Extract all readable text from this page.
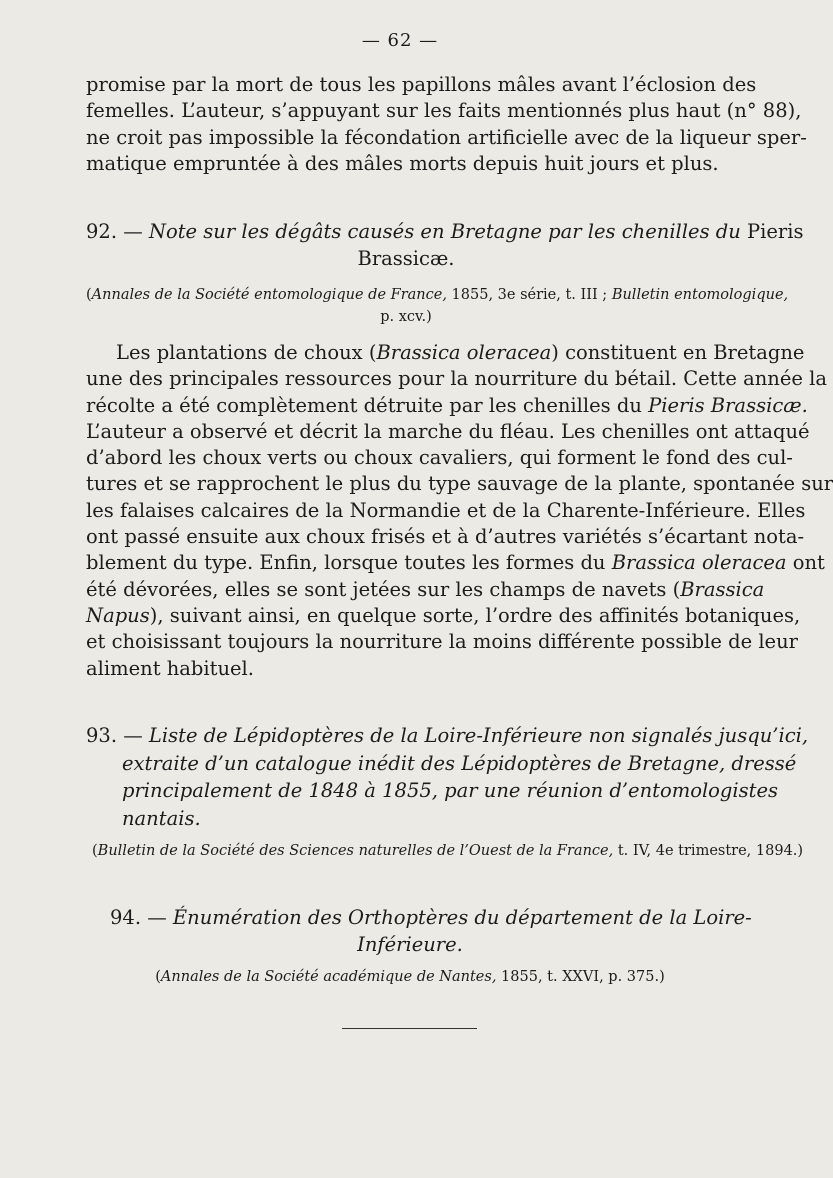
— 62 —

promise par la mort de tous les papillons mâles avant l’éclosion des
femelles. L’auteur, s’appuyant sur les faits mentionnés plus haut (n° 88),
ne croit pas impossible la fécondation artificielle avec de la liqueur sper-
matique empruntée à des mâles morts depuis huit jours et plus.

92. — Note sur les dégâts causés en Bretagne par les chenilles du Pieris
Brassicæ.
(Annales de la Société entomologique de France, 1855, 3e série, t. III ; Bulletin entomologique,
p. xcv.)

Les plantations de choux (Brassica oleracea) constituent en Bretagne
une des principales ressources pour la nourriture du bétail. Cette année la
récolte a été complètement détruite par les chenilles du Pieris Brassicæ.
L’auteur a observé et décrit la marche du fléau. Les chenilles ont attaqué
d’abord les choux verts ou choux cavaliers, qui forment le fond des cul-
tures et se rapprochent le plus du type sauvage de la plante, spontanée sur
les falaises calcaires de la Normandie et de la Charente-Inférieure. Elles
ont passé ensuite aux choux frisés et à d’autres variétés s’écartant nota-
blement du type. Enfin, lorsque toutes les formes du Brassica oleracea ont
été dévorées, elles se sont jetées sur les champs de navets (Brassica
Napus), suivant ainsi, en quelque sorte, l’ordre des affinités botaniques,
et choisissant toujours la nourriture la moins différente possible de leur
aliment habituel.

93. — Liste de Lépidoptères de la Loire-Inférieure non signalés jusqu’ici,
extraite d’un catalogue inédit des Lépidoptères de Bretagne, dressé
principalement de 1848 à 1855, par une réunion d’entomologistes
nantais.
(Bulletin de la Société des Sciences naturelles de l’Ouest de la France, t. IV, 4e trimestre, 1894.)
94. — Énumération des Orthoptères du département de la Loire-
Inférieure.
(Annales de la Société académique de Nantes, 1855, t. XXVI, p. 375.)
